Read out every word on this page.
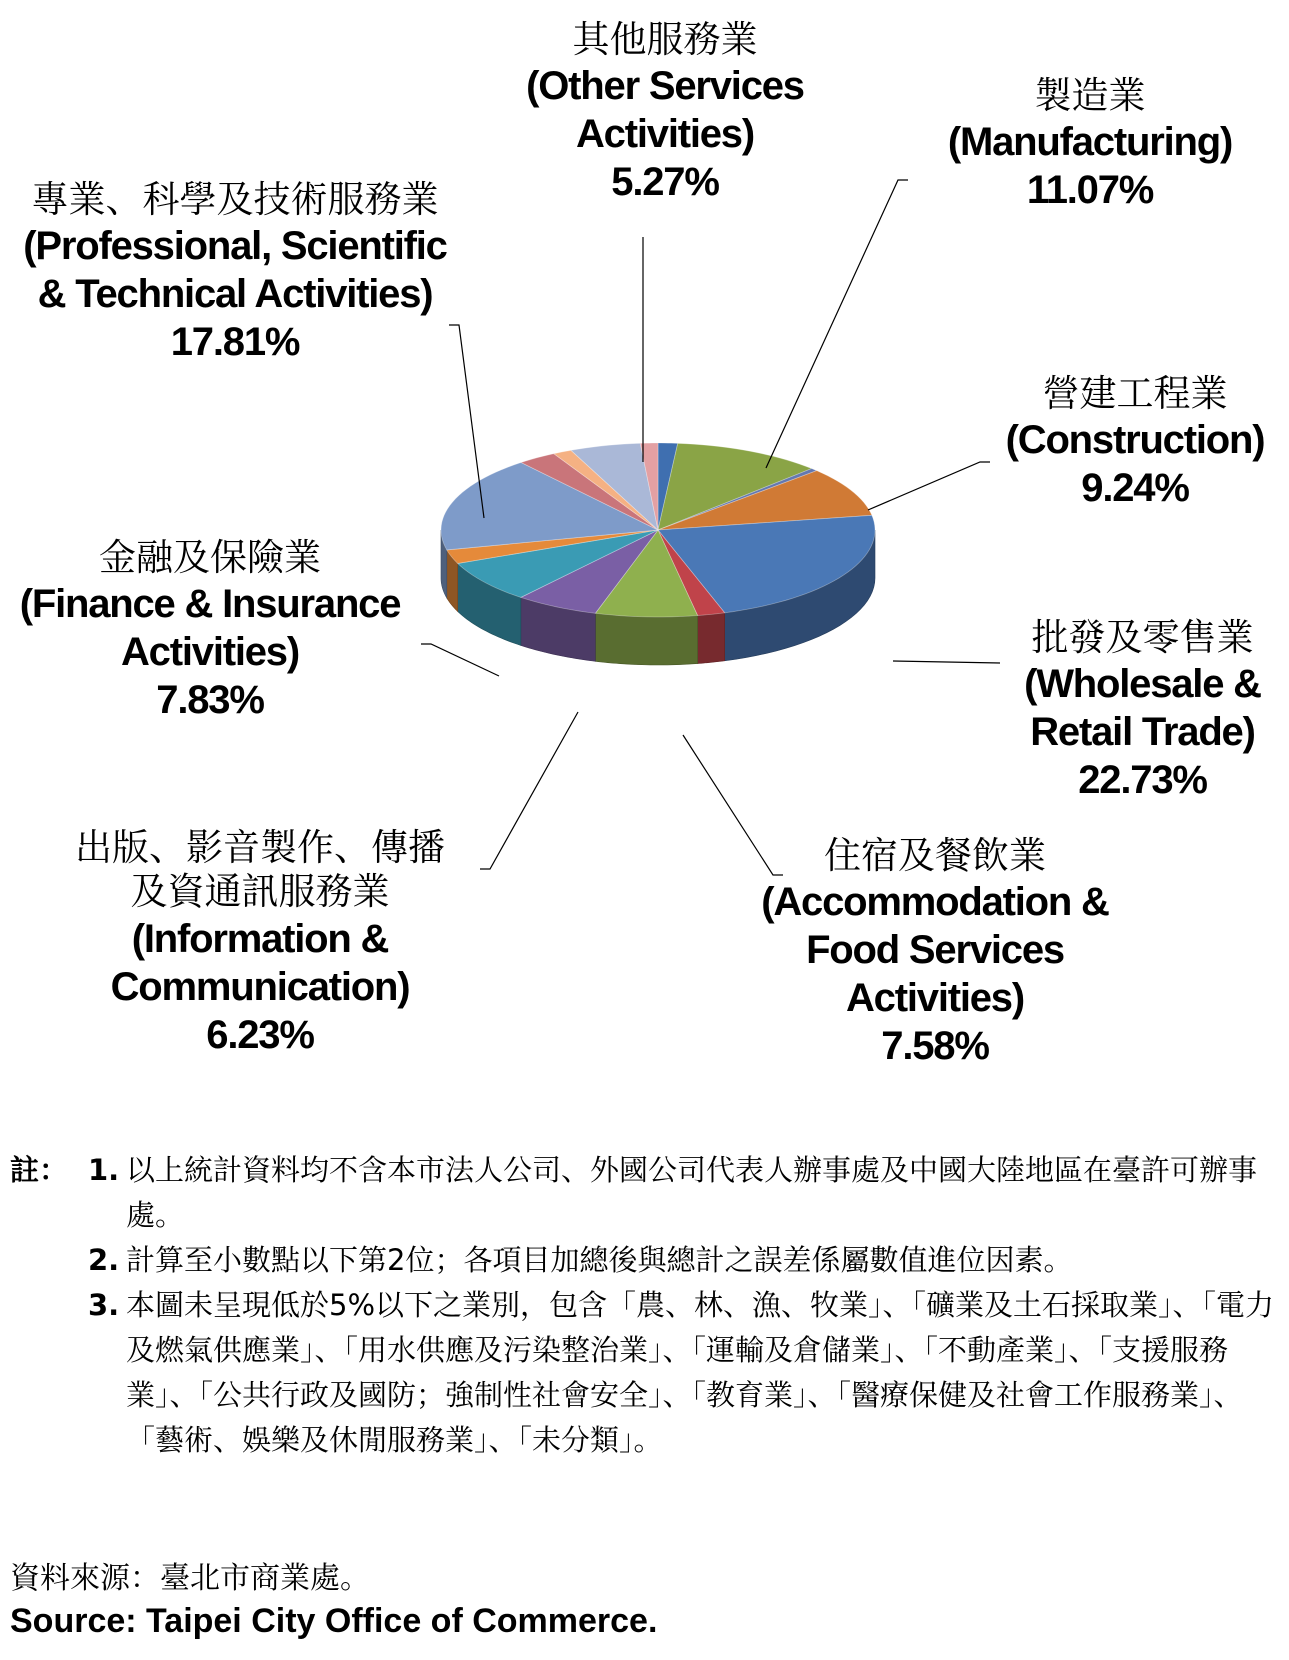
其他服務業
(Other Services
Activities)
5.27%
製造業
(Manufacturing)
11.07%
專業、科學及技術服務業
(Professional, Scientific
& Technical Activities)
17.81%
營建工程業
(Construction)
9.24%
金融及保險業
(Finance & Insurance
Activities)
7.83%
批發及零售業
(Wholesale &
Retail Trade)
22.73%
出版、影音製作、傳播
及資通訊服務業
(Information &
Communication)
6.23%
住宿及餐飲業
(Accommodation &
Food Services
Activities)
7.58%
註： 1. 以上統計資料均不含本市法人公司、外國公司代表人辦事處及中國大陸地區在臺許可辦事處。
2. 計算至小數點以下第2位；各項目加總後與總計之誤差係屬數值進位因素。
3. 本圖未呈現低於5%以下之業別，包含「農、林、漁、牧業」、「礦業及土石採取業」、「電力及燃氣供應業」、「用水供應及污染整治業」、「運輸及倉儲業」、「不動產業」、「支援服務業」、「公共行政及國防；強制性社會安全」、「教育業」、「醫療保健及社會工作服務業」、「藝術、娛樂及休閒服務業」、「未分類」。
資料來源：臺北市商業處。
Source: Taipei City Office of Commerce.
